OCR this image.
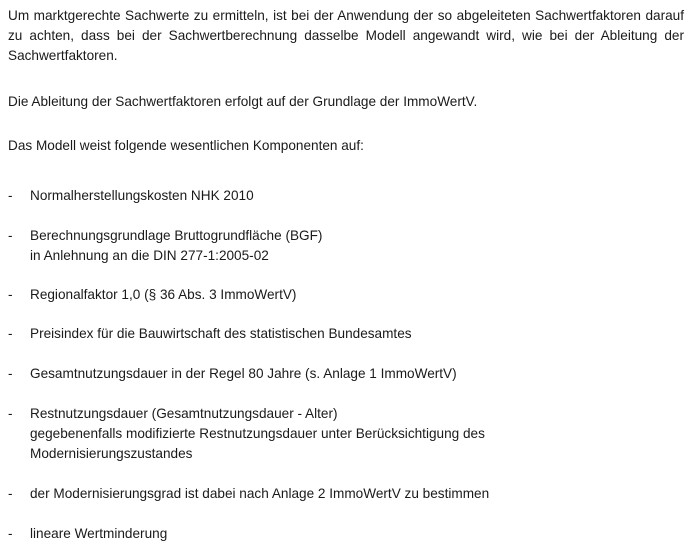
Um marktgerechte Sachwerte zu ermitteln, ist bei der Anwendung der so abgeleiteten Sachwertfaktoren darauf zu achten, dass bei der Sachwertberechnung dasselbe Modell angewandt wird, wie bei der Ableitung der Sachwertfaktoren.

Die Ableitung der Sachwertfaktoren erfolgt auf der Grundlage der ImmoWertV.

Das Modell weist folgende wesentlichen Komponenten auf:

-	Normalherstellungskosten NHK 2010
-	Berechnungsgrundlage Bruttogrundfläche (BGF)
in Anlehnung an die DIN 277-1:2005-02
-	Regionalfaktor 1,0 (§ 36 Abs. 3 ImmoWertV)
-	Preisindex für die Bauwirtschaft des statistischen Bundesamtes
-	Gesamtnutzungsdauer in der Regel 80 Jahre (s. Anlage 1 ImmoWertV)
-	Restnutzungsdauer (Gesamtnutzungsdauer - Alter)
gegebenenfalls modifizierte Restnutzungsdauer unter Berücksichtigung des
Modernisierungszustandes
-	der Modernisierungsgrad ist dabei nach Anlage 2 ImmoWertV zu bestimmen
-	lineare Wertminderung
